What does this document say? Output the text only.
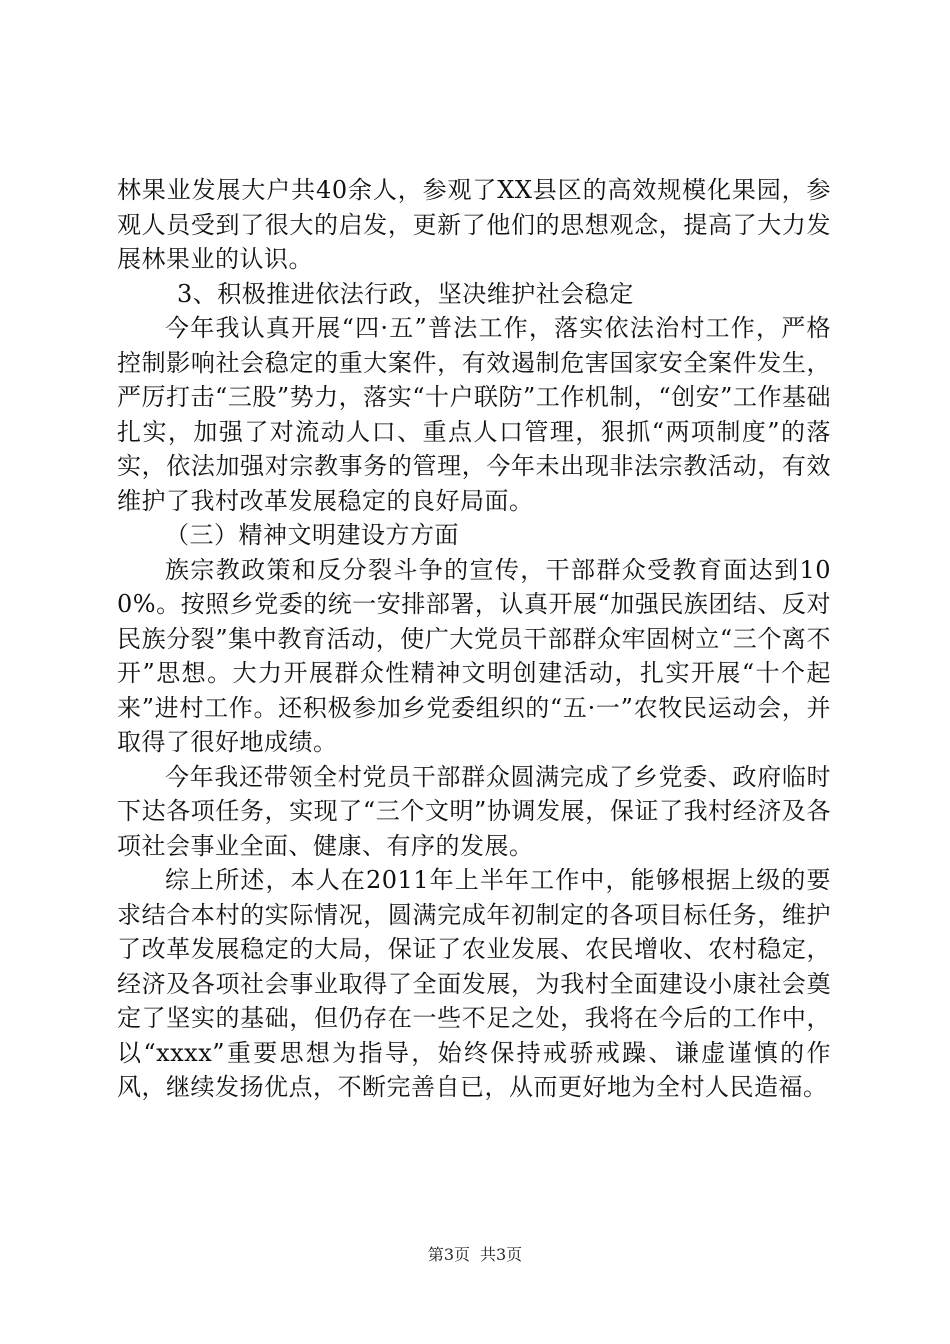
林果业发展大户共40余人，参观了XX县区的高效规模化果园，参观人员受到了很大的启发，更新了他们的思想观念，提高了大力发展林果业的认识。

3、积极推进依法行政，坚决维护社会稳定

今年我认真开展“四·五”普法工作，落实依法治村工作，严格控制影响社会稳定的重大案件，有效遏制危害国家安全案件发生，严厉打击“三股”势力，落实“十户联防”工作机制，“创安”工作基础扎实，加强了对流动人口、重点人口管理，狠抓“两项制度”的落实，依法加强对宗教事务的管理，今年未出现非法宗教活动，有效维护了我村改革发展稳定的良好局面。

（三）精神文明建设方方面

族宗教政策和反分裂斗争的宣传，干部群众受教育面达到100%。按照乡党委的统一安排部署，认真开展“加强民族团结、反对民族分裂”集中教育活动，使广大党员干部群众牢固树立“三个离不开”思想。大力开展群众性精神文明创建活动，扎实开展“十个起来”进村工作。还积极参加乡党委组织的“五·一”农牧民运动会，并取得了很好地成绩。

今年我还带领全村党员干部群众圆满完成了乡党委、政府临时下达各项任务，实现了“三个文明”协调发展，保证了我村经济及各项社会事业全面、健康、有序的发展。

综上所述，本人在2011年上半年工作中，能够根据上级的要求结合本村的实际情况，圆满完成年初制定的各项目标任务，维护了改革发展稳定的大局，保证了农业发展、农民增收、农村稳定，经济及各项社会事业取得了全面发展，为我村全面建设小康社会奠定了坚实的基础，但仍存在一些不足之处，我将在今后的工作中，以“xxxx”重要思想为指导，始终保持戒骄戒躁、谦虚谨慎的作风，继续发扬优点，不断完善自已，从而更好地为全村人民造福。

第3页 共3页
